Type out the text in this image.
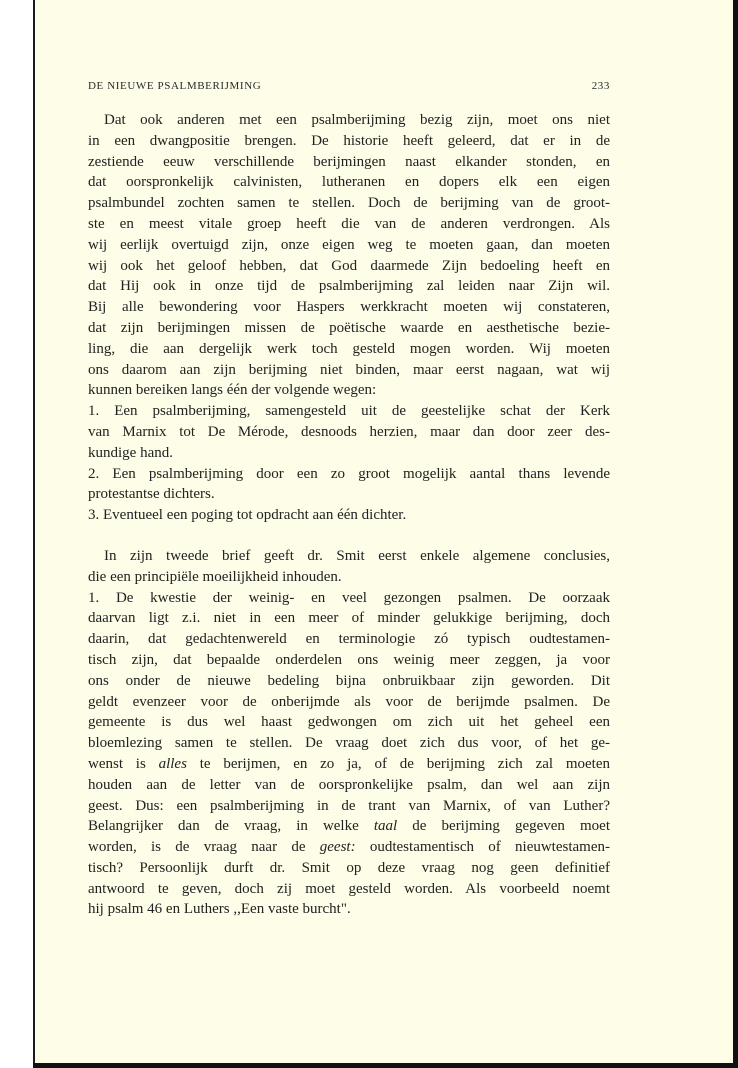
DE NIEUWE PSALMBERIJMING	233
Dat ook anderen met een psalmberijming bezig zijn, moet ons niet
in een dwangpositie brengen. De historie heeft geleerd, dat er in de
zestiende eeuw verschillende berijmingen naast elkander stonden, en
dat oorspronkelijk calvinisten, lutheranen en dopers elk een eigen
psalmbundel zochten samen te stellen. Doch de berijming van de groot-
ste en meest vitale groep heeft die van de anderen verdrongen. Als
wij eerlijk overtuigd zijn, onze eigen weg te moeten gaan, dan moeten
wij ook het geloof hebben, dat God daarmede Zijn bedoeling heeft en
dat Hij ook in onze tijd de psalmberijming zal leiden naar Zijn wil.
Bij alle bewondering voor Haspers werkkracht moeten wij constateren,
dat zijn berijmingen missen de poëtische waarde en aesthetische bezie-
ling, die aan dergelijk werk toch gesteld mogen worden. Wij moeten
ons daarom aan zijn berijming niet binden, maar eerst nagaan, wat wij
kunnen bereiken langs één der volgende wegen:
1. Een psalmberijming, samengesteld uit de geestelijke schat der Kerk
van Marnix tot De Mérode, desnoods herzien, maar dan door zeer des-
kundige hand.
2. Een psalmberijming door een zo groot mogelijk aantal thans levende
protestantse dichters.
3. Eventueel een poging tot opdracht aan één dichter.
In zijn tweede brief geeft dr. Smit eerst enkele algemene conclusies,
die een principiële moeilijkheid inhouden.
1. De kwestie der weinig- en veel gezongen psalmen. De oorzaak
daarvan ligt z.i. niet in een meer of minder gelukkige berijming, doch
daarin, dat gedachtenwereld en terminologie zó typisch oudtestamen-
tisch zijn, dat bepaalde onderdelen ons weinig meer zeggen, ja voor
ons onder de nieuwe bedeling bijna onbruikbaar zijn geworden. Dit
geldt evenzeer voor de onberijmde als voor de berijmde psalmen. De
gemeente is dus wel haast gedwongen om zich uit het geheel een
bloemlezing samen te stellen. De vraag doet zich dus voor, of het ge-
wenst is alles te berijmen, en zo ja, of de berijming zich zal moeten
houden aan de letter van de oorspronkelijke psalm, dan wel aan zijn
geest. Dus: een psalmberijming in de trant van Marnix, of van Luther?
Belangrijker dan de vraag, in welke taal de berijming gegeven moet
worden, is de vraag naar de geest: oudtestamentisch of nieuwtestamen-
tisch? Persoonlijk durft dr. Smit op deze vraag nog geen definitief
antwoord te geven, doch zij moet gesteld worden. Als voorbeeld noemt
hij psalm 46 en Luthers ,,Een vaste burcht".
